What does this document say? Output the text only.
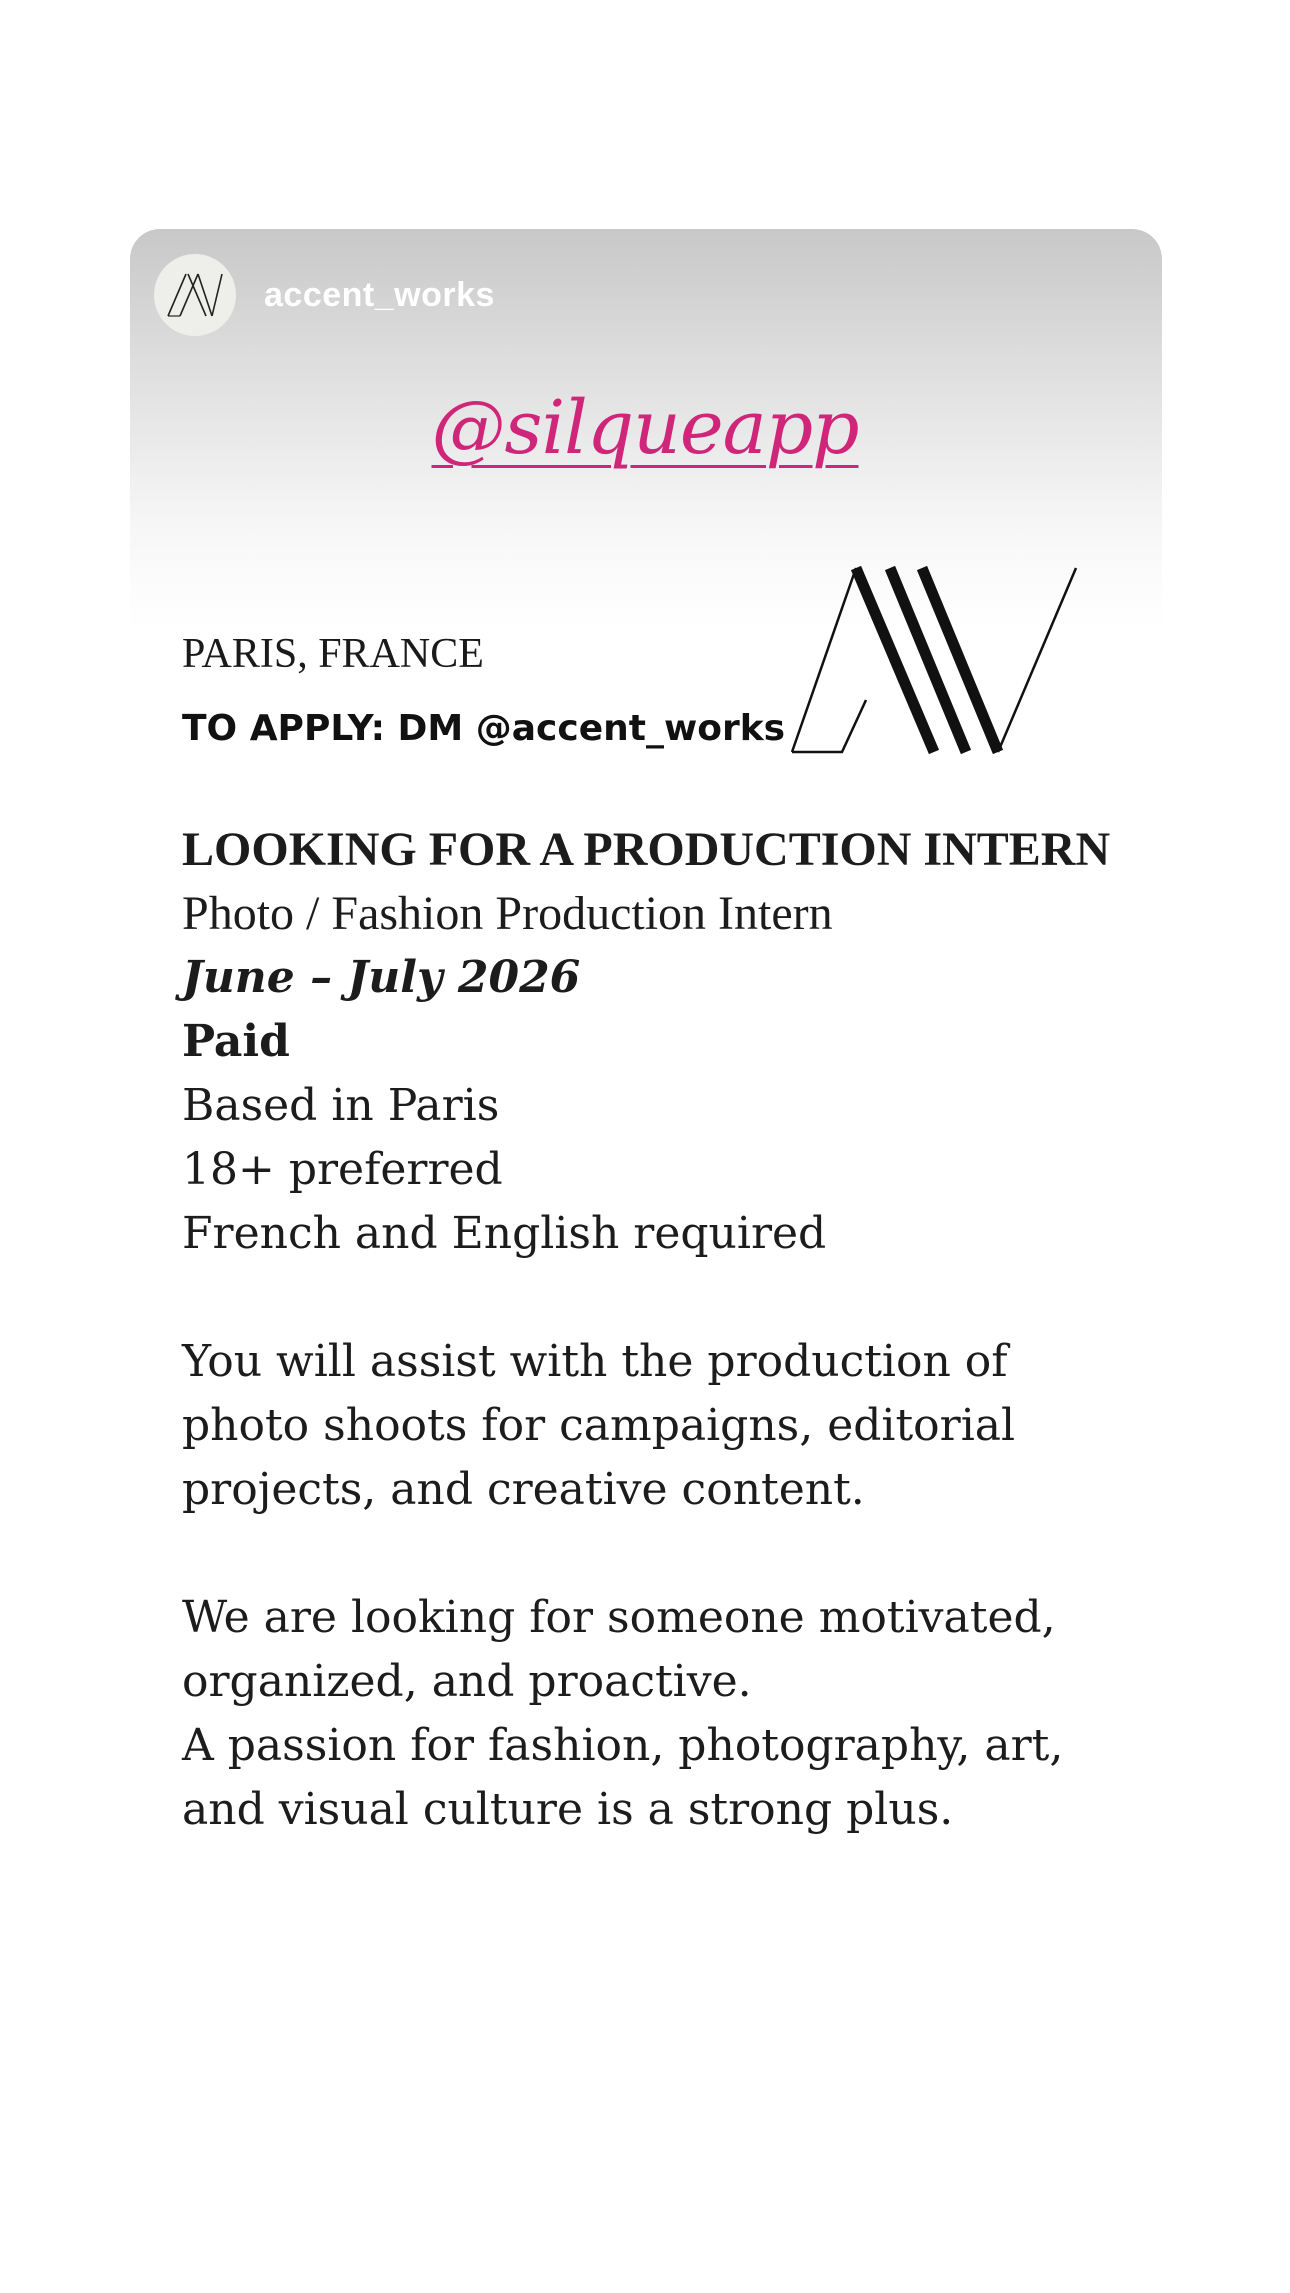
accent_works
@silqueapp
PARIS, FRANCE
TO APPLY: DM @accent_works

LOOKING FOR A PRODUCTION INTERN

Photo / Fashion Production Intern

June – July 2026

Paid

Based in Paris

18+ preferred

French and English required

You will assist with the production of

photo shoots for campaigns, editorial

projects, and creative content.

We are looking for someone motivated,

organized, and proactive.

A passion for fashion, photography, art,

and visual culture is a strong plus.
